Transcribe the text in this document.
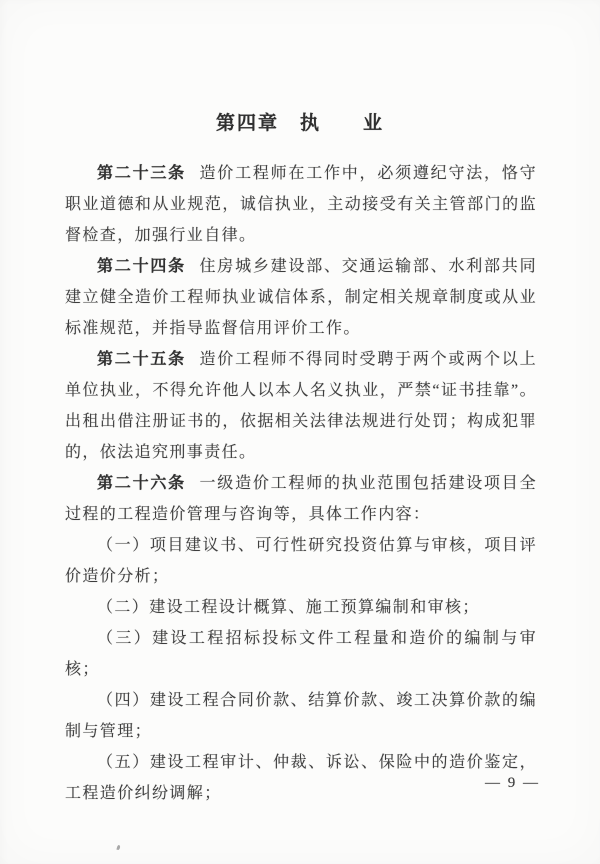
第四章　执　　业

第二十三条 造价工程师在工作中，必须遵纪守法，恪守职业道德和从业规范，诚信执业，主动接受有关主管部门的监督检查，加强行业自律。

第二十四条 住房城乡建设部、交通运输部、水利部共同建立健全造价工程师执业诚信体系，制定相关规章制度或从业标准规范，并指导监督信用评价工作。

第二十五条 造价工程师不得同时受聘于两个或两个以上单位执业，不得允许他人以本人名义执业，严禁“证书挂靠”。出租出借注册证书的，依据相关法律法规进行处罚；构成犯罪的，依法追究刑事责任。

第二十六条 一级造价工程师的执业范围包括建设项目全过程的工程造价管理与咨询等，具体工作内容：

（一）项目建议书、可行性研究投资估算与审核，项目评价造价分析；

（二）建设工程设计概算、施工预算编制和审核；

（三）建设工程招标投标文件工程量和造价的编制与审核；

（四）建设工程合同价款、结算价款、竣工决算价款的编制与管理；

（五）建设工程审计、仲裁、诉讼、保险中的造价鉴定，工程造价纠纷调解；

— 9 —
